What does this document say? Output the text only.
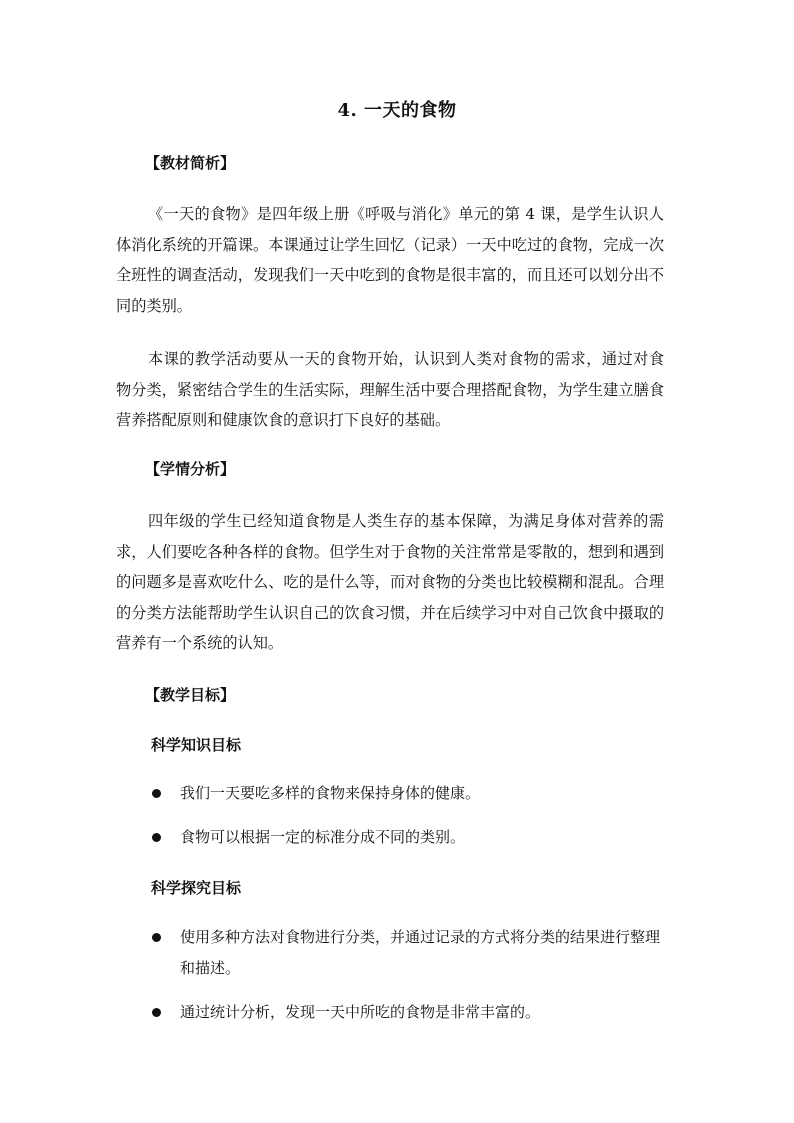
4. 一天的食物
【教材简析】

《一天的食物》是四年级上册《呼吸与消化》单元的第 4 课，是学生认识人体消化系统的开篇课。本课通过让学生回忆（记录）一天中吃过的食物，完成一次全班性的调查活动，发现我们一天中吃到的食物是很丰富的，而且还可以划分出不同的类别。

本课的教学活动要从一天的食物开始，认识到人类对食物的需求，通过对食物分类，紧密结合学生的生活实际，理解生活中要合理搭配食物，为学生建立膳食营养搭配原则和健康饮食的意识打下良好的基础。

【学情分析】

四年级的学生已经知道食物是人类生存的基本保障，为满足身体对营养的需求，人们要吃各种各样的食物。但学生对于食物的关注常常是零散的，想到和遇到的问题多是喜欢吃什么、吃的是什么等，而对食物的分类也比较模糊和混乱。合理的分类方法能帮助学生认识自己的饮食习惯，并在后续学习中对自己饮食中摄取的营养有一个系统的认知。

【教学目标】
科学知识目标
我们一天要吃多样的食物来保持身体的健康。
食物可以根据一定的标准分成不同的类别。
科学探究目标
使用多种方法对食物进行分类，并通过记录的方式将分类的结果进行整理和描述。
通过统计分析，发现一天中所吃的食物是非常丰富的。
